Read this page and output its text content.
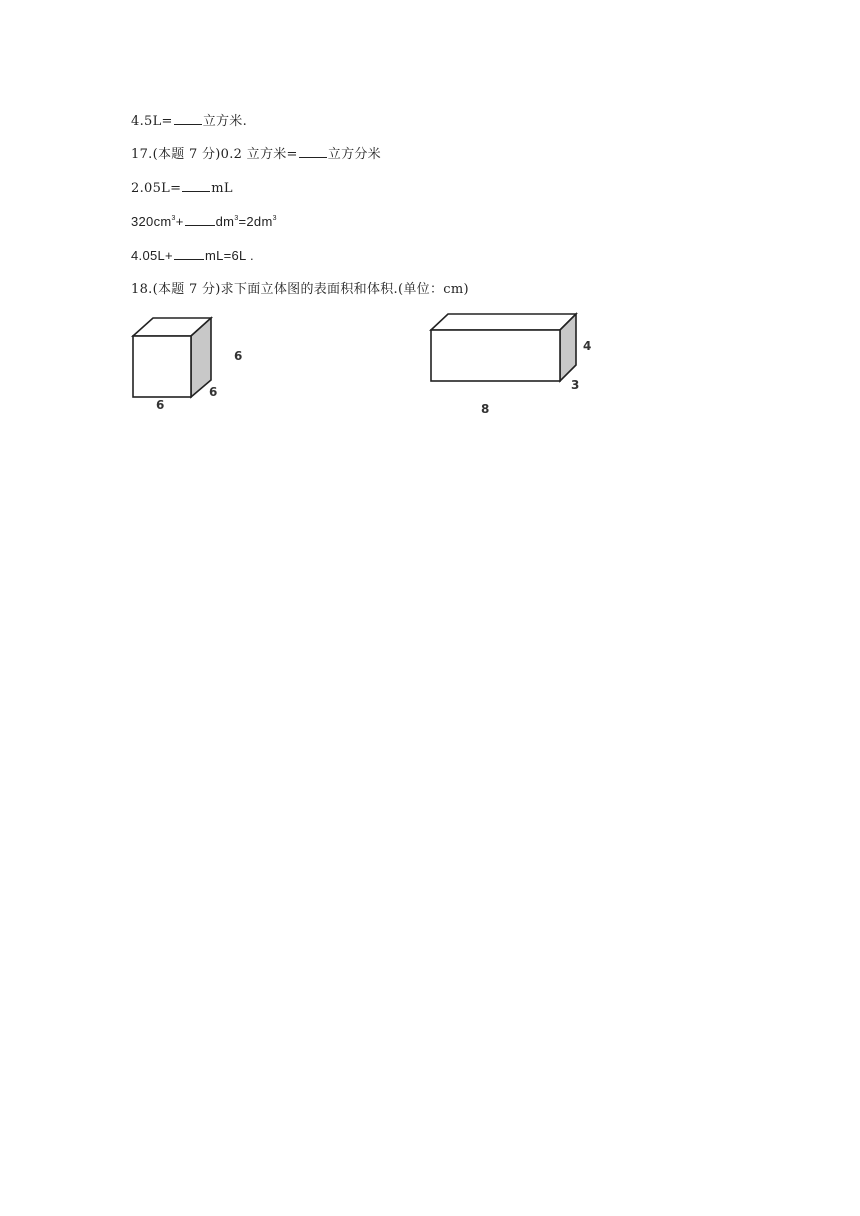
4.5L= 立方米.
17.(本题 7 分)0.2 立方米= 立方分米
2.05L= mL
$320cm^3+ dm^3=2dm^3$
4.05L+ mL=6L .
18.(本题 7 分)求下面立体图的表面积和体积.(单位：cm)
6
6
6
4
3
8
